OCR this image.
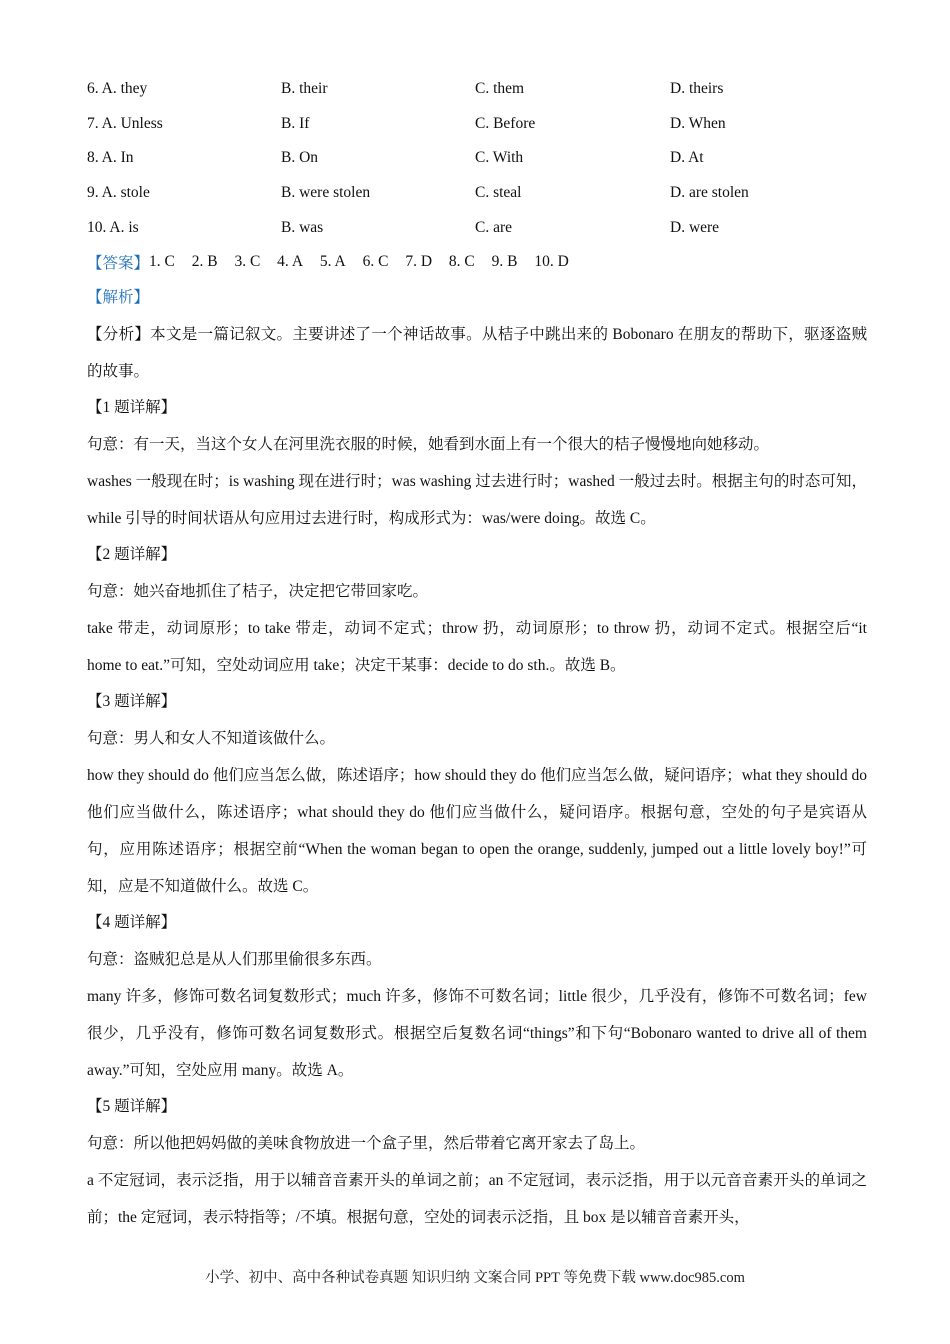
6. A. they	B. their	C. them	D. theirs
7. A. Unless	B. If	C. Before	D. When
8. A. In	B. On	C. With	D. At
9. A. stole	B. were stolen	C. steal	D. are stolen
10. A. is	B. was	C. are	D. were
【答案】 1. C 2. B 3. C 4. A 5. A 6. C 7. D 8. C 9. B 10. D
【解析】
【分析】本文是一篇记叙文。主要讲述了一个神话故事。从桔子中跳出来的 Bobonaro 在朋友的帮助下，驱逐盗贼的故事。
【1 题详解】
句意：有一天，当这个女人在河里洗衣服的时候，她看到水面上有一个很大的桔子慢慢地向她移动。
washes 一般现在时；is washing 现在进行时；was washing 过去进行时；washed 一般过去时。根据主句的时态可知，while 引导的时间状语从句应用过去进行时，构成形式为：was/were doing。故选 C。
【2 题详解】
句意：她兴奋地抓住了桔子，决定把它带回家吃。
take 带走，动词原形；to take 带走，动词不定式；throw 扔，动词原形；to throw 扔，动词不定式。根据空后“it home to eat.”可知，空处动词应用 take；决定干某事：decide to do sth.。故选 B。
【3 题详解】
句意：男人和女人不知道该做什么。
how they should do 他们应当怎么做，陈述语序；how should they do 他们应当怎么做，疑问语序；what they should do 他们应当做什么，陈述语序；what should they do 他们应当做什么，疑问语序。根据句意，空处的句子是宾语从句，应用陈述语序；根据空前“When the woman began to open the orange, suddenly, jumped out a little lovely boy!”可知，应是不知道做什么。故选 C。
【4 题详解】
句意：盗贼犯总是从人们那里偷很多东西。
many 许多，修饰可数名词复数形式；much 许多，修饰不可数名词；little 很少，几乎没有，修饰不可数名词；few 很少，几乎没有，修饰可数名词复数形式。根据空后复数名词“things”和下句“Bobonaro wanted to drive all of them away.”可知，空处应用 many。故选 A。
【5 题详解】
句意：所以他把妈妈做的美味食物放进一个盒子里，然后带着它离开家去了岛上。
a 不定冠词，表示泛指，用于以辅音音素开头的单词之前；an 不定冠词，表示泛指，用于以元音音素开头的单词之前；the 定冠词，表示特指等；/不填。根据句意，空处的词表示泛指，且 box 是以辅音音素开头，
小学、初中、高中各种试卷真题 知识归纳 文案合同 PPT 等免费下载 www.doc985.com
